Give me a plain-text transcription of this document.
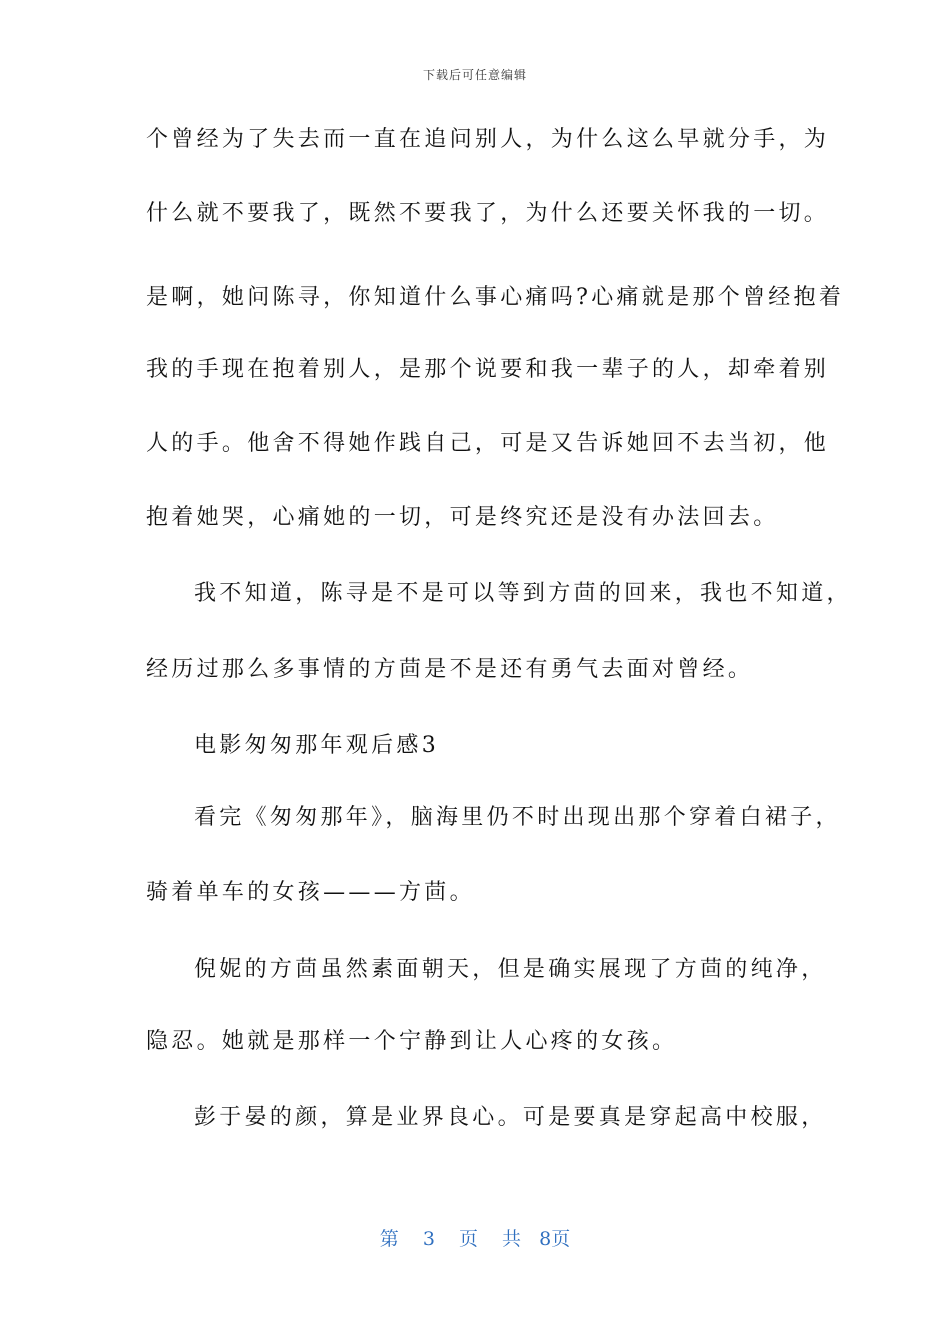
下载后可任意编辑
个曾经为了失去而一直在追问别人，为什么这么早就分手，为
什么就不要我了，既然不要我了，为什么还要关怀我的一切。
是啊，她问陈寻，你知道什么事心痛吗?心痛就是那个曾经抱着
我的手现在抱着别人，是那个说要和我一辈子的人，却牵着别
人的手。他舍不得她作践自己，可是又告诉她回不去当初，他
抱着她哭，心痛她的一切，可是终究还是没有办法回去。
我不知道，陈寻是不是可以等到方茴的回来，我也不知道，
经历过那么多事情的方茴是不是还有勇气去面对曾经。
电影匆匆那年观后感3
看完《匆匆那年》，脑海里仍不时出现出那个穿着白裙子，
骑着单车的女孩———方茴。
倪妮的方茴虽然素面朝天，但是确实展现了方茴的纯净，
隐忍。她就是那样一个宁静到让人心疼的女孩。
彭于晏的颜，算是业界良心。可是要真是穿起高中校服，
第 3 页 共 8页
